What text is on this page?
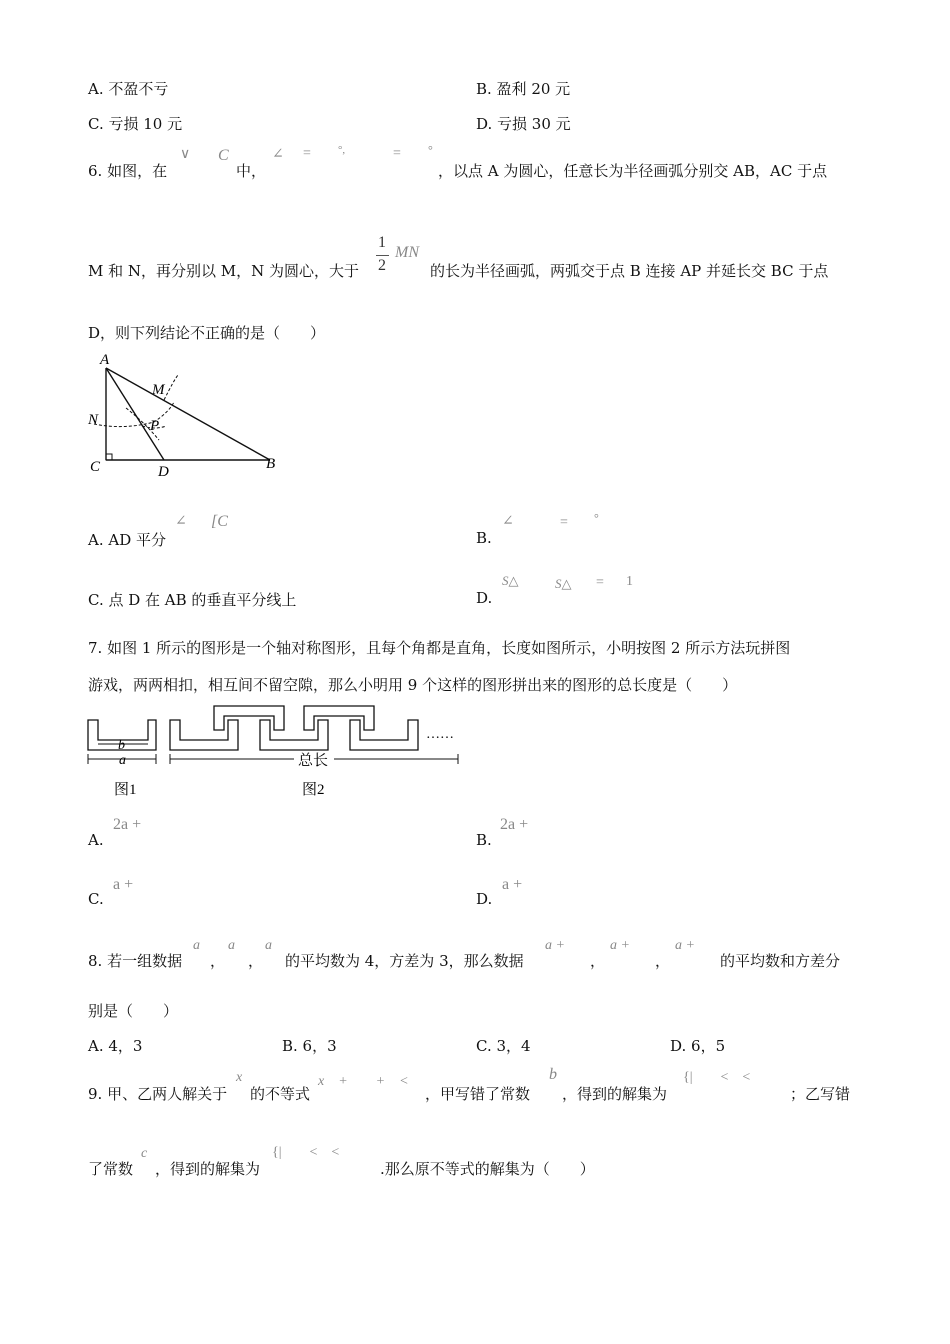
A. 不盈不亏	B. 盈利 20 元
C. 亏损 10 元	D. 亏损 30 元
6. 如图，在
∨ C
中，
∠ = °,	= °
，以点 A 为圆心，任意长为半径画弧分别交 AB，AC 于点
M 和 N，再分别以 M，N 为圆心，大于
1
2
MN
的长为半径画弧，两弧交于点 B 连接 AP 并延长交 BC 于点
D，则下列结论不正确的是（　　）
A
M
N	P
C	D	B
A. AD 平分
∠ [C
B.
∠	= °
C. 点 D 在 AB 的垂直平分线上	D.
S△	S△ = 1
7. 如图 1 所示的图形是一个轴对称图形，且每个角都是直角，长度如图所示，小明按图 2 所示方法玩拼图
游戏，两两相扣，相互间不留空隙，那么小明用 9 个这样的图形拼出来的图形的总长度是（　　）
b
a
图1
……
总长
图2
A.
2a +
B.
2a +
C.
a +
D.
a +
8. 若一组数据
a
，
a
，
a
的平均数为 4，方差为 3，那么数据
a +
，
a +
，
a +
的平均数和方差分
别是（　　）
A. 4，3	B. 6，3	C. 3，4	D. 6，5
9. 甲、乙两人解关于
x
的不等式
x　+　　+　<
，甲写错了常数
b
，得到的解集为
{|　　<　<
；乙写错
了常数
c
，得到的解集为
{|　　<　<
.那么原不等式的解集为（　　）
